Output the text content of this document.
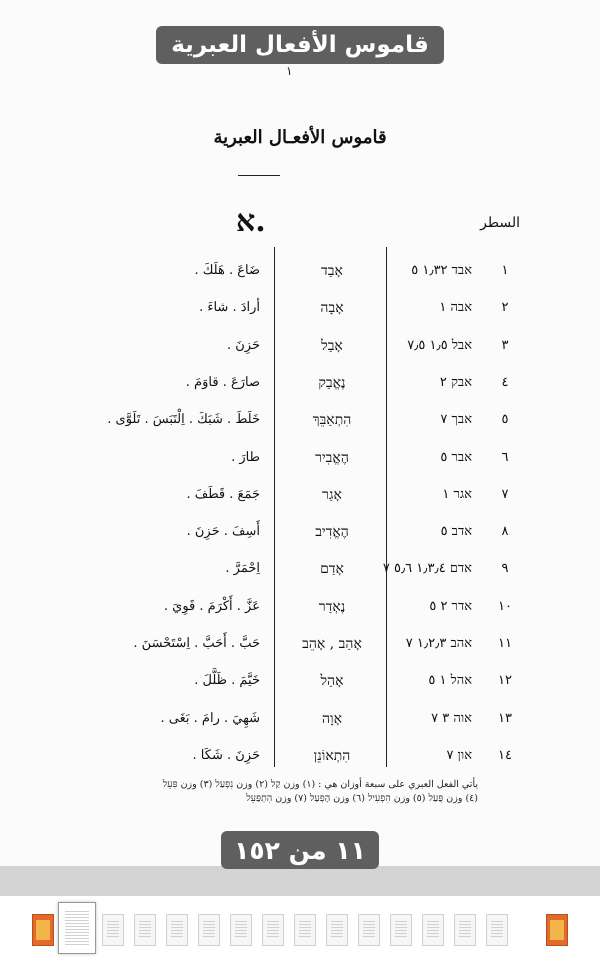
قاموس الأفعال العبرية
١
قاموس الأفعـال العبرية
א.	السطر
١
אבד ١٫٣٢ ٥
אָבַד
ضَاعَ . هَلَكَ .
٢
אבה ١
אָבָה
أرادَ . شاءَ .
٣
אבל ١٫٥ ٧٫٥
אָבַל
حَزِنَ .
٤
אבק ٢
נֶאֱבַק
صارَعَ . قاوَمَ .
٥
אבך ٧
הִתְאַבֵּךְ
خَلَطَ . شَبَكَ . اِلْتَبَسَ . تَلَوَّى .
٦
אבר ٥
הֶאֱבִיר
طارَ .
٧
אגר ١
אָגַר
جَمَعَ . قَطَفَ .
٨
אדב ٥
הֶאֱדִיב
أَسِفَ . حَزِنَ .
٩
אדם ١٫٣٫٤ ٥٫٦ ٧
אָדַם
اِحْمَرَّ .
١٠
אדר ٢ ٥
נֶאְדַר
عَزَّ . أَكْرَمَ . قَوِيَ .
١١
אהב ١٫٢٫٣ ٧
אָהַב , אָהֵב
حَبَّ . أَحَبَّ . اِسْتَحْسَنَ .
١٢
אהל ١ ٥
אָהַל
خَيَّمَ . ظَلَّلَ .
١٣
אוה ٣ ٧
אָוָה
شَهِيَ . رامَ . بَغَى .
١٤
און ٧
הִתְאוֹנֵן
حَزِنَ . شَكَا .
يأتي الفعل العبري على سبعة أوزان هي : (١) وزن קַל (٢) وزن נִפְעַל (٣) وزن פִּעֵל
(٤) وزن פֻּעַל (٥) وزن הִפְעִיל (٦) وزن הָפְעַל (٧) وزن הִתְפַּעֵל
١١ من ١٥٢
